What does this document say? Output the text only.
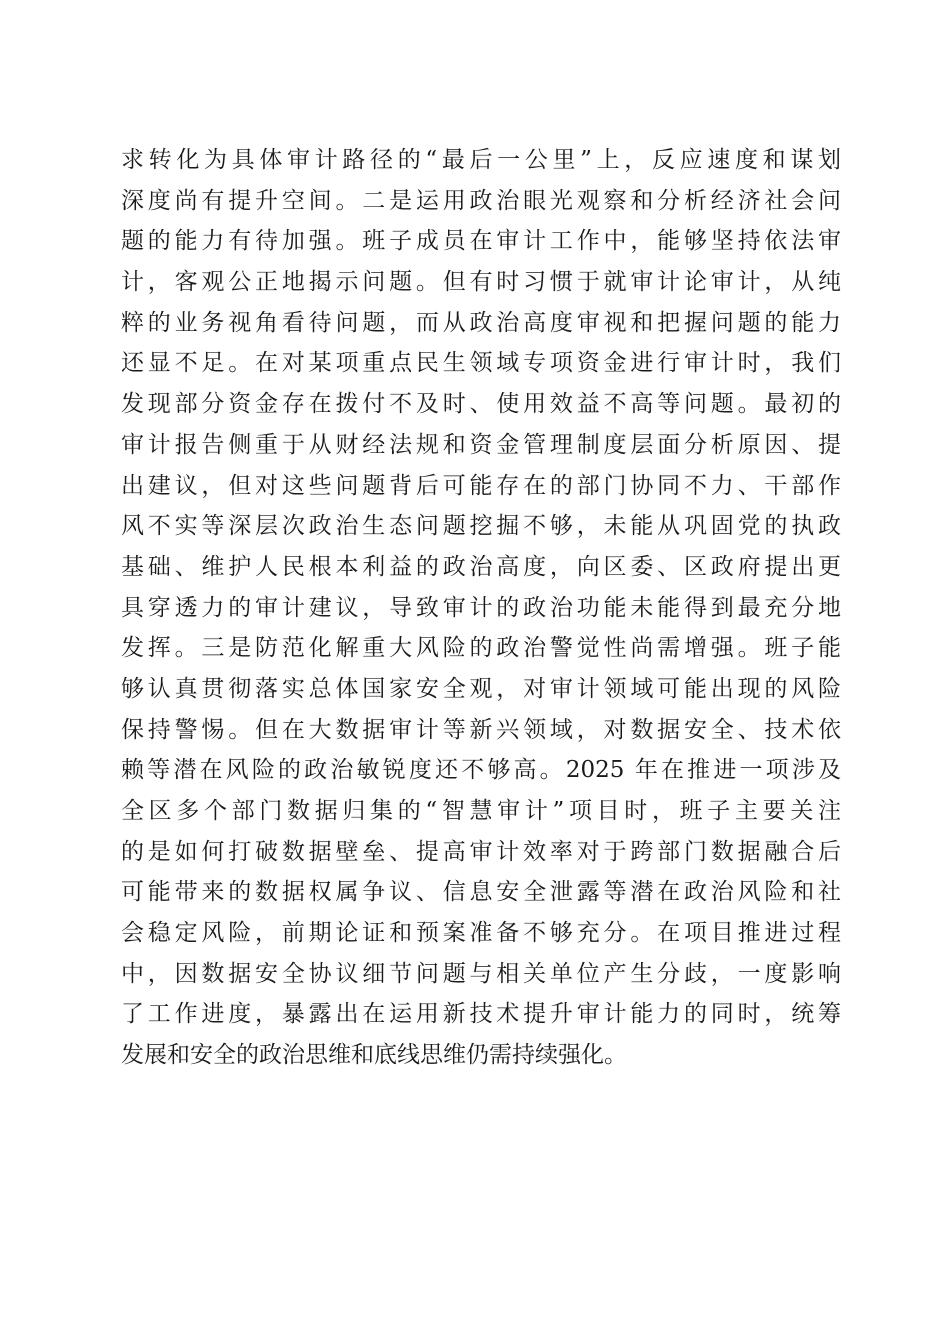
求转化为具体审计路径的“最后一公里”上，反应速度和谋划
深度尚有提升空间。二是运用政治眼光观察和分析经济社会问
题的能力有待加强。班子成员在审计工作中，能够坚持依法审
计，客观公正地揭示问题。但有时习惯于就审计论审计，从纯
粹的业务视角看待问题，而从政治高度审视和把握问题的能力
还显不足。在对某项重点民生领域专项资金进行审计时，我们
发现部分资金存在拨付不及时、使用效益不高等问题。最初的
审计报告侧重于从财经法规和资金管理制度层面分析原因、提
出建议，但对这些问题背后可能存在的部门协同不力、干部作
风不实等深层次政治生态问题挖掘不够，未能从巩固党的执政
基础、维护人民根本利益的政治高度，向区委、区政府提出更
具穿透力的审计建议，导致审计的政治功能未能得到最充分地
发挥。三是防范化解重大风险的政治警觉性尚需增强。班子能
够认真贯彻落实总体国家安全观，对审计领域可能出现的风险
保持警惕。但在大数据审计等新兴领域，对数据安全、技术依
赖等潜在风险的政治敏锐度还不够高。2025 年在推进一项涉及
全区多个部门数据归集的“智慧审计”项目时，班子主要关注
的是如何打破数据壁垒、提高审计效率对于跨部门数据融合后
可能带来的数据权属争议、信息安全泄露等潜在政治风险和社
会稳定风险，前期论证和预案准备不够充分。在项目推进过程
中，因数据安全协议细节问题与相关单位产生分歧，一度影响
了工作进度，暴露出在运用新技术提升审计能力的同时，统筹
发展和安全的政治思维和底线思维仍需持续强化。
